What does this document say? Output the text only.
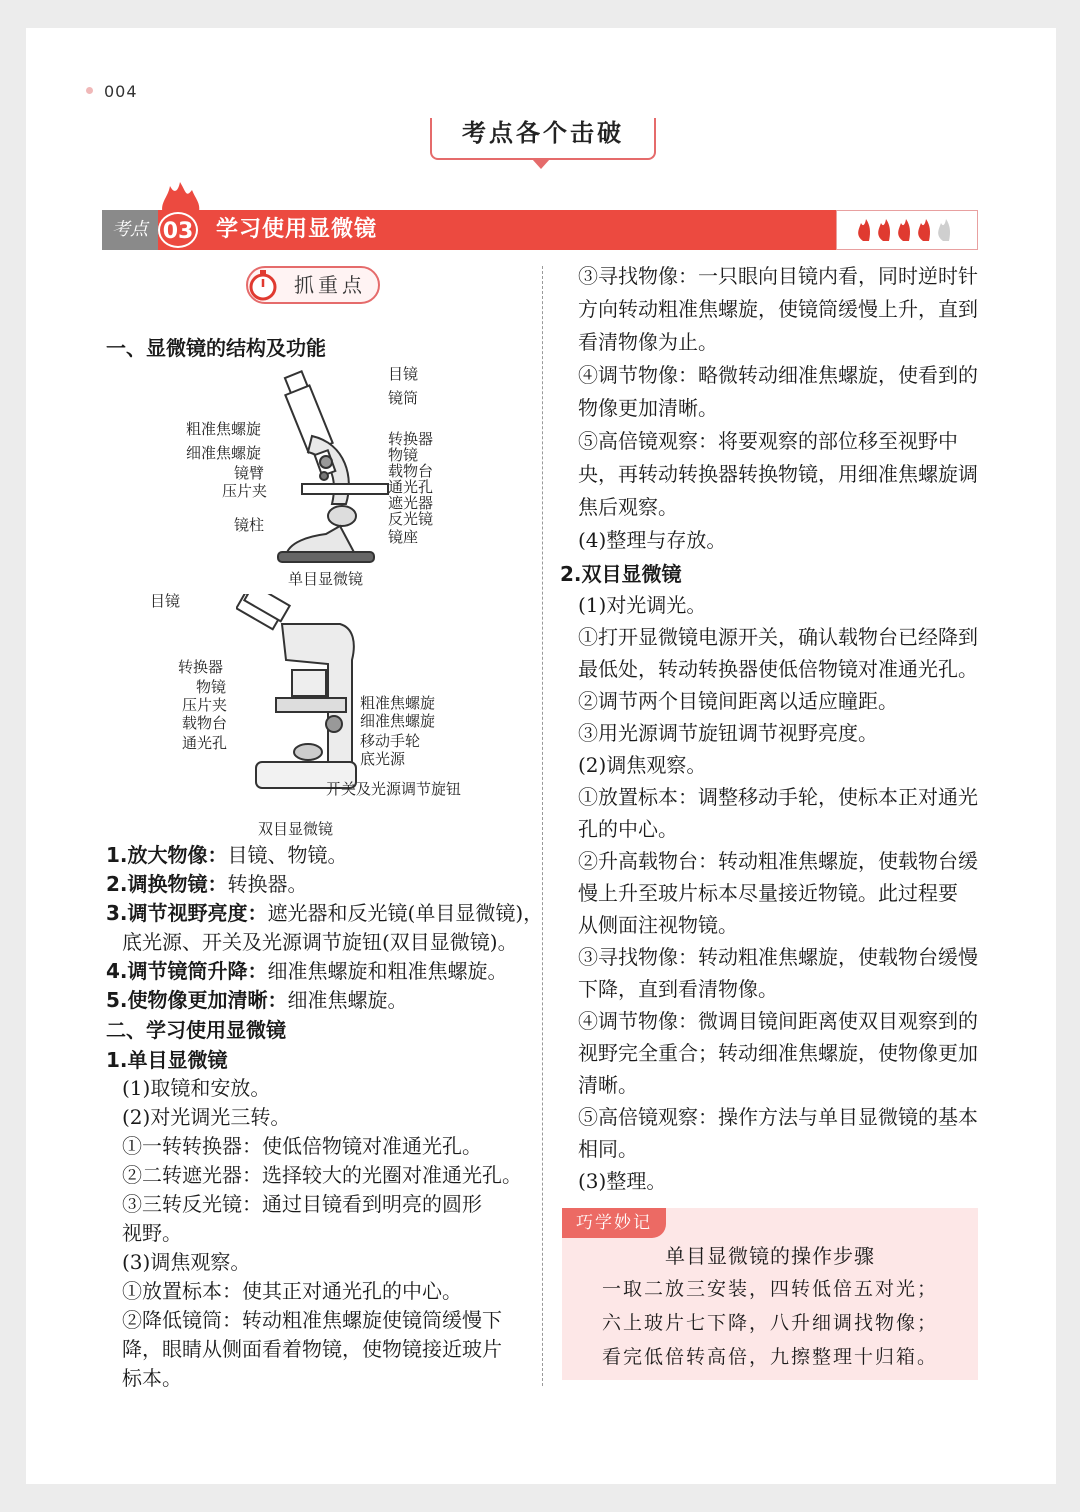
004
考点各个击破
考点 03 学习使用显微镜
抓重点
一、显微镜的结构及功能
目镜
镜筒
粗准焦螺旋
细准焦螺旋
镜臂
压片夹
镜柱
转换器
物镜
载物台
通光孔
遮光器
反光镜
镜座
单目显微镜
目镜
转换器
物镜
压片夹
载物台
通光孔
粗准焦螺旋
细准焦螺旋
移动手轮
底光源
开关及光源调节旋钮
双目显微镜
1.放大物像：目镜、物镜。
2.调换物镜：转换器。
3.调节视野亮度：遮光器和反光镜(单目显微镜)，
底光源、开关及光源调节旋钮(双目显微镜)。
4.调节镜筒升降：细准焦螺旋和粗准焦螺旋。
5.使物像更加清晰：细准焦螺旋。
二、学习使用显微镜
1.单目显微镜
(1)取镜和安放。
(2)对光调光三转。
①一转转换器：使低倍物镜对准通光孔。
②二转遮光器：选择较大的光圈对准通光孔。
③三转反光镜：通过目镜看到明亮的圆形
视野。
(3)调焦观察。
①放置标本：使其正对通光孔的中心。
②降低镜筒：转动粗准焦螺旋使镜筒缓慢下
降，眼睛从侧面看着物镜，使物镜接近玻片
标本。
③寻找物像：一只眼向目镜内看，同时逆时针
方向转动粗准焦螺旋，使镜筒缓慢上升，直到
看清物像为止。
④调节物像：略微转动细准焦螺旋，使看到的
物像更加清晰。
⑤高倍镜观察：将要观察的部位移至视野中
央，再转动转换器转换物镜，用细准焦螺旋调
焦后观察。
(4)整理与存放。
2.双目显微镜
(1)对光调光。
①打开显微镜电源开关，确认载物台已经降到
最低处，转动转换器使低倍物镜对准通光孔。
②调节两个目镜间距离以适应瞳距。
③用光源调节旋钮调节视野亮度。
(2)调焦观察。
①放置标本：调整移动手轮，使标本正对通光
孔的中心。
②升高载物台：转动粗准焦螺旋，使载物台缓
慢上升至玻片标本尽量接近物镜。此过程要
从侧面注视物镜。
③寻找物像：转动粗准焦螺旋，使载物台缓慢
下降，直到看清物像。
④调节物像：微调目镜间距离使双目观察到的
视野完全重合；转动细准焦螺旋，使物像更加
清晰。
⑤高倍镜观察：操作方法与单目显微镜的基本
相同。
(3)整理。
巧学妙记
单目显微镜的操作步骤
一取二放三安装，四转低倍五对光；
六上玻片七下降，八升细调找物像；
看完低倍转高倍，九擦整理十归箱。
